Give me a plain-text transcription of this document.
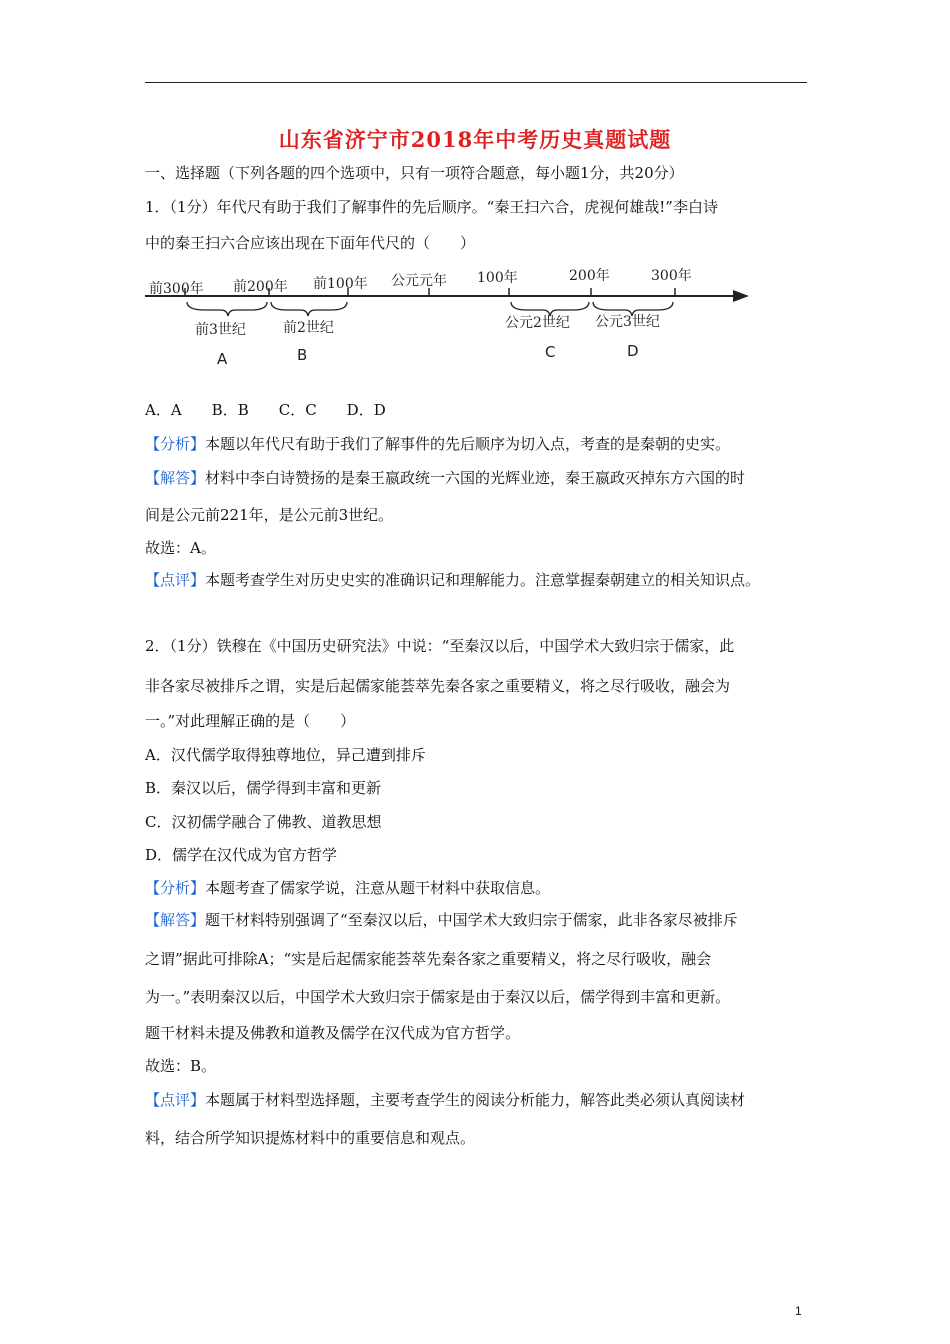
山东省济宁市2018年中考历史真题试题
一、选择题（下列各题的四个选项中，只有一项符合题意，每小题1分，共20分）
1．（1分）年代尺有助于我们了解事件的先后顺序。“秦王扫六合，虎视何雄哉!”李白诗
中的秦王扫六合应该出现在下面年代尺的（　　）
前300年 前200年 前100年 公元元年 100年	200年	300年
前3世纪	前2世纪	公元2世纪 公元3世纪
A	B	C	D
A．A　　B．B　　C．C　　D．D
【分析】本题以年代尺有助于我们了解事件的先后顺序为切入点，考查的是秦朝的史实。
【解答】材料中李白诗赞扬的是秦王嬴政统一六国的光辉业迹，秦王嬴政灭掉东方六国的时
间是公元前221年，是公元前3世纪。
故选：A。
【点评】本题考查学生对历史史实的准确识记和理解能力。注意掌握秦朝建立的相关知识点。
2．（1分）铁穆在《中国历史研究法》中说：“至秦汉以后，中国学术大致归宗于儒家，此
非各家尽被排斥之谓，实是后起儒家能荟萃先秦各家之重要精义，将之尽行吸收，融会为
一。”对此理解正确的是（　　）
A．汉代儒学取得独尊地位，异己遭到排斥
B．秦汉以后，儒学得到丰富和更新
C．汉初儒学融合了佛教、道教思想
D．儒学在汉代成为官方哲学
【分析】本题考查了儒家学说，注意从题干材料中获取信息。
【解答】题干材料特别强调了“至秦汉以后，中国学术大致归宗于儒家，此非各家尽被排斥
之谓”据此可排除A；“实是后起儒家能荟萃先秦各家之重要精义，将之尽行吸收，融会
为一。”表明秦汉以后，中国学术大致归宗于儒家是由于秦汉以后，儒学得到丰富和更新。
题干材料未提及佛教和道教及儒学在汉代成为官方哲学。
故选：B。
【点评】本题属于材料型选择题，主要考查学生的阅读分析能力，解答此类必须认真阅读材
料，结合所学知识提炼材料中的重要信息和观点。
1
